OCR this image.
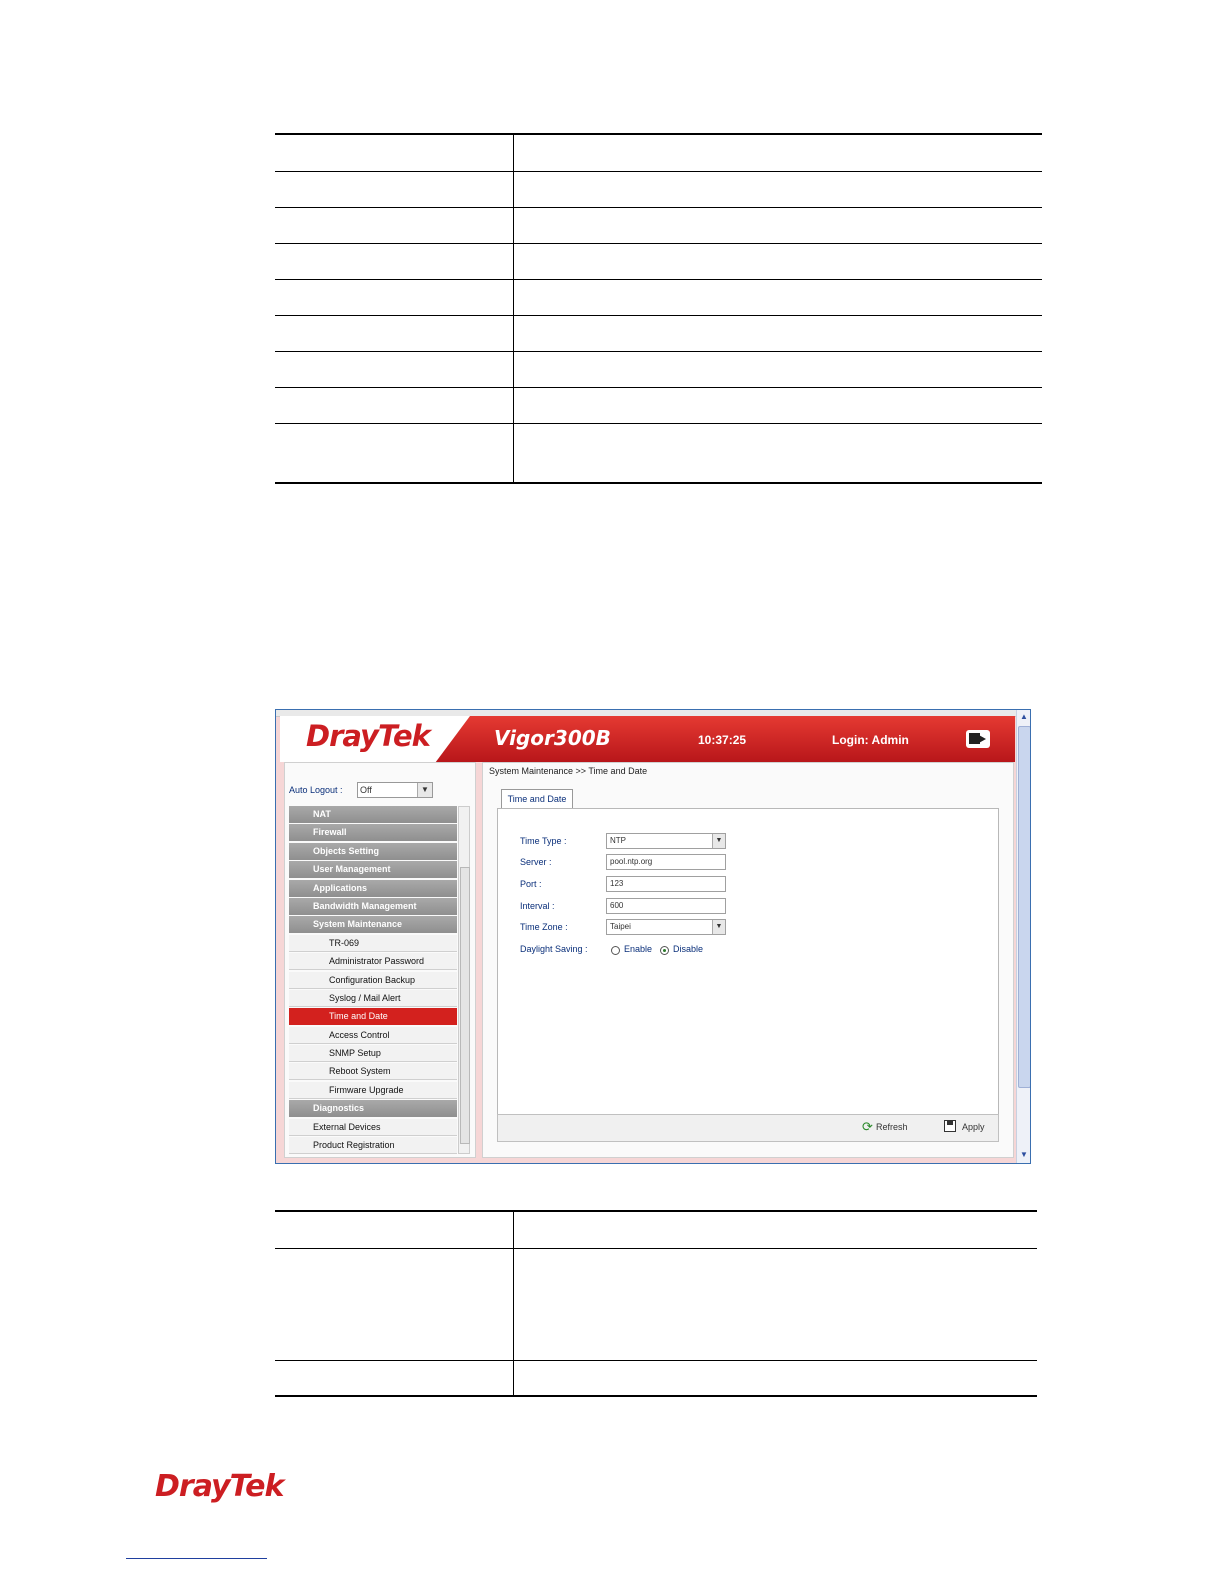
DrayTek	Vigor300B	10:37:25	Login: Admin
▲
▼
Auto Logout :	Off	▼
NAT
Firewall
Objects Setting
User Management
Applications
Bandwidth Management
System Maintenance
TR-069
Administrator Password
Configuration Backup
Syslog / Mail Alert
Time and Date
Access Control
SNMP Setup
Reboot System
Firmware Upgrade
Diagnostics
External Devices
Product Registration
System Maintenance >> Time and Date
Time and Date
Time Type :	NTP	▼
Server :	pool.ntp.org
Port :	123
Interval :	600
Time Zone :	Taipei	▼
Daylight Saving :	Enable Disable
⟳ Refresh	Apply

DrayTek
